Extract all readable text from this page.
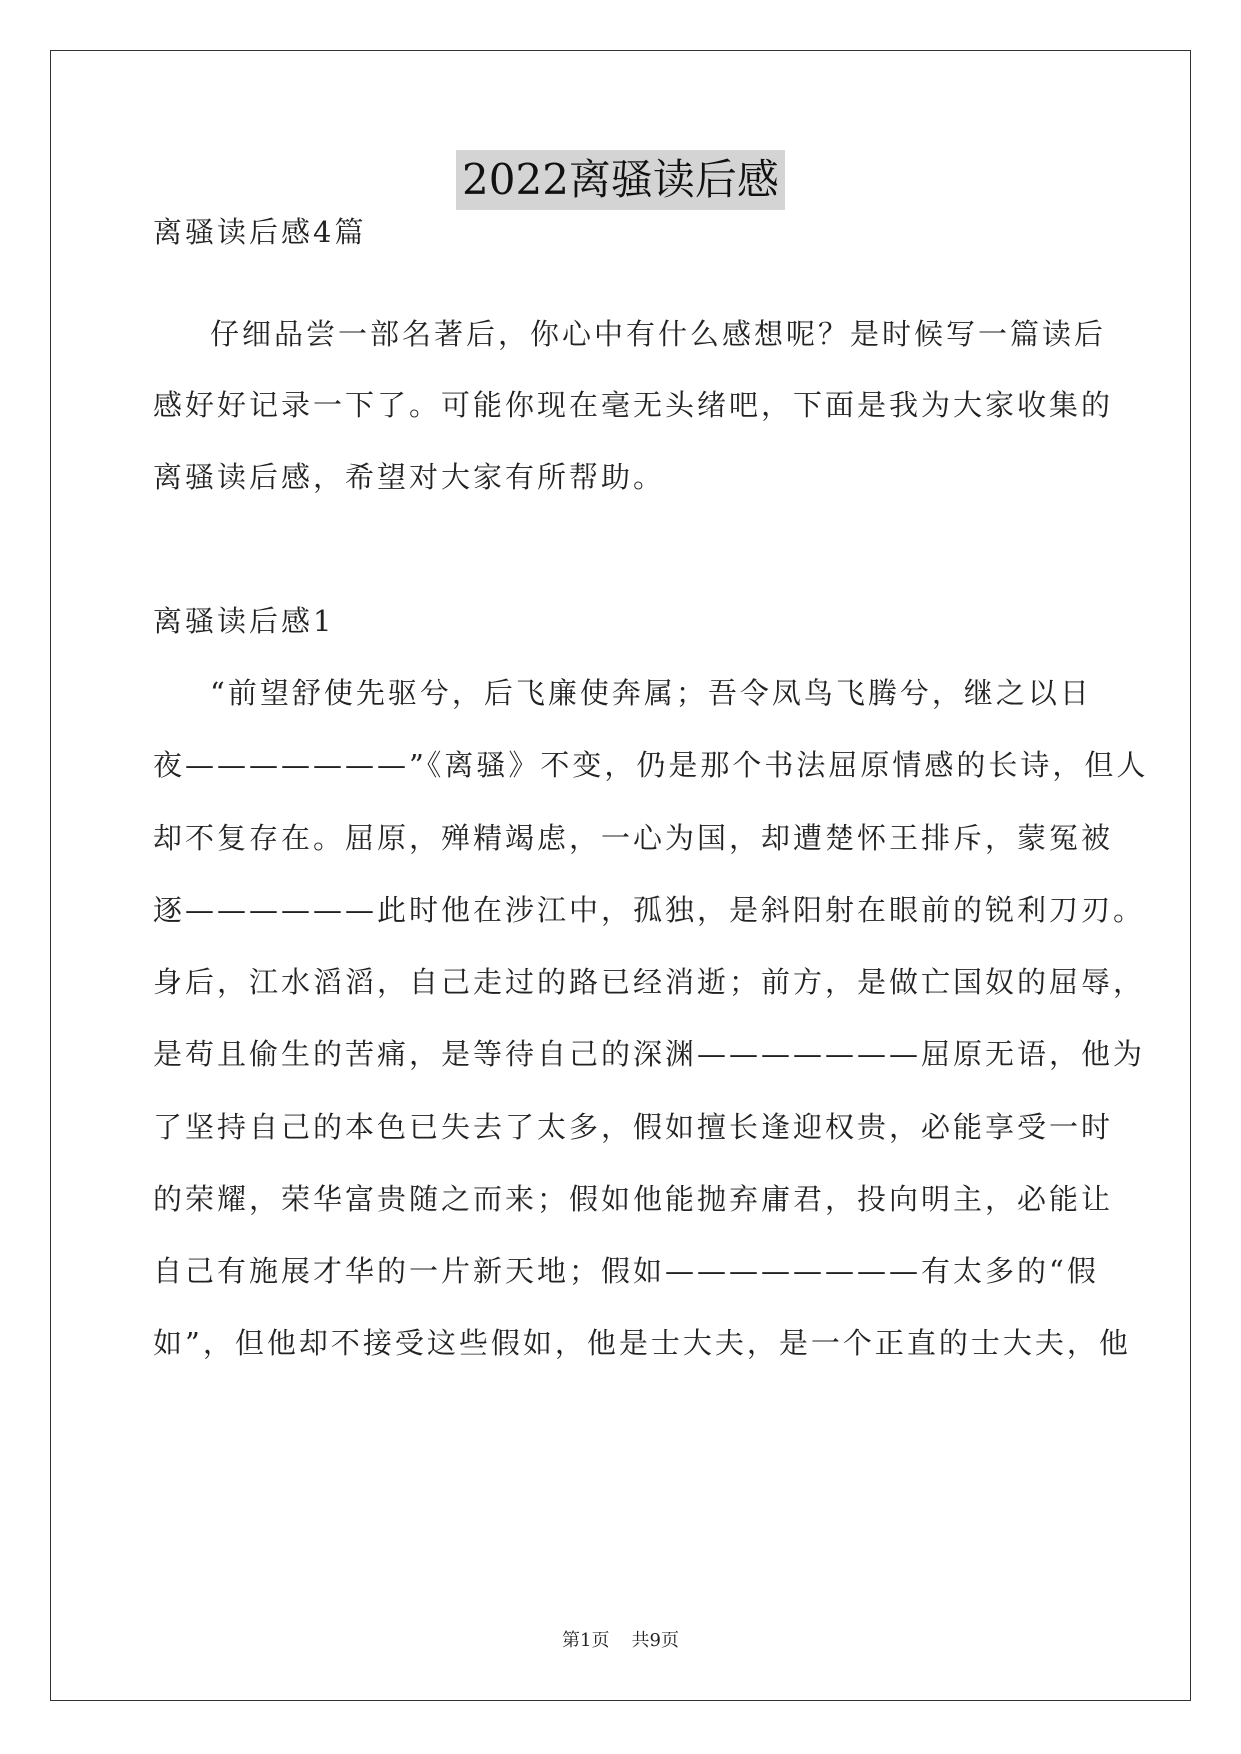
2022离骚读后感
离骚读后感4篇
仔细品尝一部名著后，你心中有什么感想呢？是时候写一篇读后
感好好记录一下了。可能你现在毫无头绪吧，下面是我为大家收集的
离骚读后感，希望对大家有所帮助。
离骚读后感1
“前望舒使先驱兮，后飞廉使奔属；吾令凤鸟飞腾兮，继之以日
夜———————”《离骚》不变，仍是那个书法屈原情感的长诗，但人
却不复存在。屈原，殚精竭虑，一心为国，却遭楚怀王排斥，蒙冤被
逐——————此时他在涉江中，孤独，是斜阳射在眼前的锐利刀刃。
身后，江水滔滔，自己走过的路已经消逝；前方，是做亡国奴的屈辱，
是苟且偷生的苦痛，是等待自己的深渊———————屈原无语，他为
了坚持自己的本色已失去了太多，假如擅长逢迎权贵，必能享受一时
的荣耀，荣华富贵随之而来；假如他能抛弃庸君，投向明主，必能让
自己有施展才华的一片新天地；假如————————有太多的“假
如”，但他却不接受这些假如，他是士大夫，是一个正直的士大夫，他
第1页 共9页
